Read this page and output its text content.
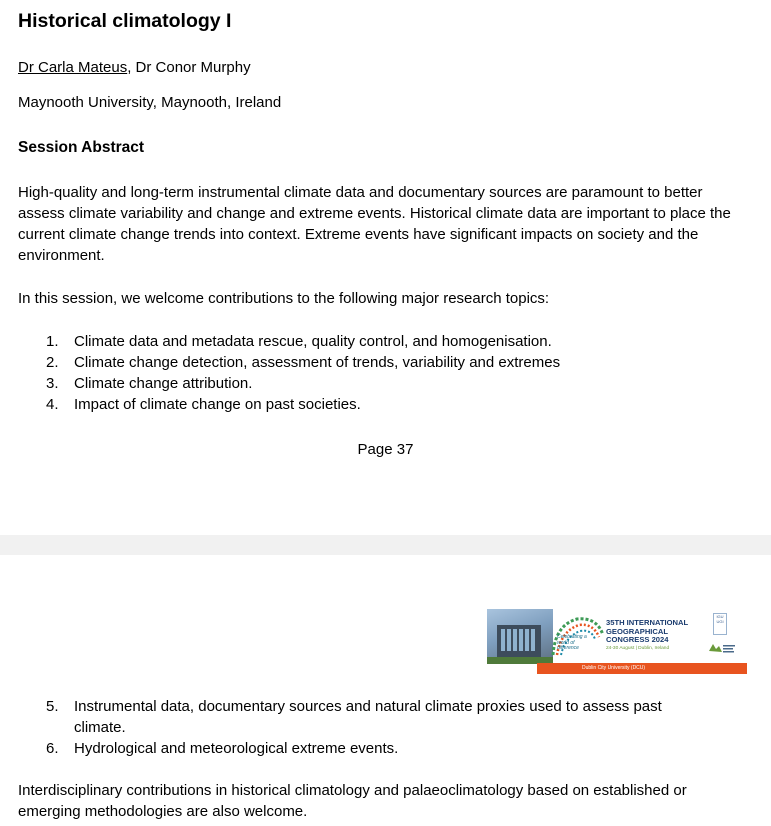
Historical climatology I
Dr Carla Mateus, Dr Conor Murphy
Maynooth University, Maynooth, Ireland
Session Abstract

High-quality and long-term instrumental climate data and documentary sources are paramount to better assess climate variability and change and extreme events. Historical climate data are important to place the current climate change trends into context. Extreme events have significant impacts on society and the environment.

In this session, we welcome contributions to the following major research topics:

1. Climate data and metadata rescue, quality control, and homogenisation.
2. Climate change detection, assessment of trends, variability and extremes
3. Climate change attribution.
4. Impact of climate change on past societies.
Page 37
Celebrating a world of difference
35TH INTERNATIONAL
GEOGRAPHICAL
CONGRESS 2024
24-30 August | Dublin, Ireland
IGU UGI
Dublin City University (DCU)
5. Instrumental data, documentary sources and natural climate proxies used to assess past climate.
6. Hydrological and meteorological extreme events.

Interdisciplinary contributions in historical climatology and palaeoclimatology based on established or emerging methodologies are also welcome.
